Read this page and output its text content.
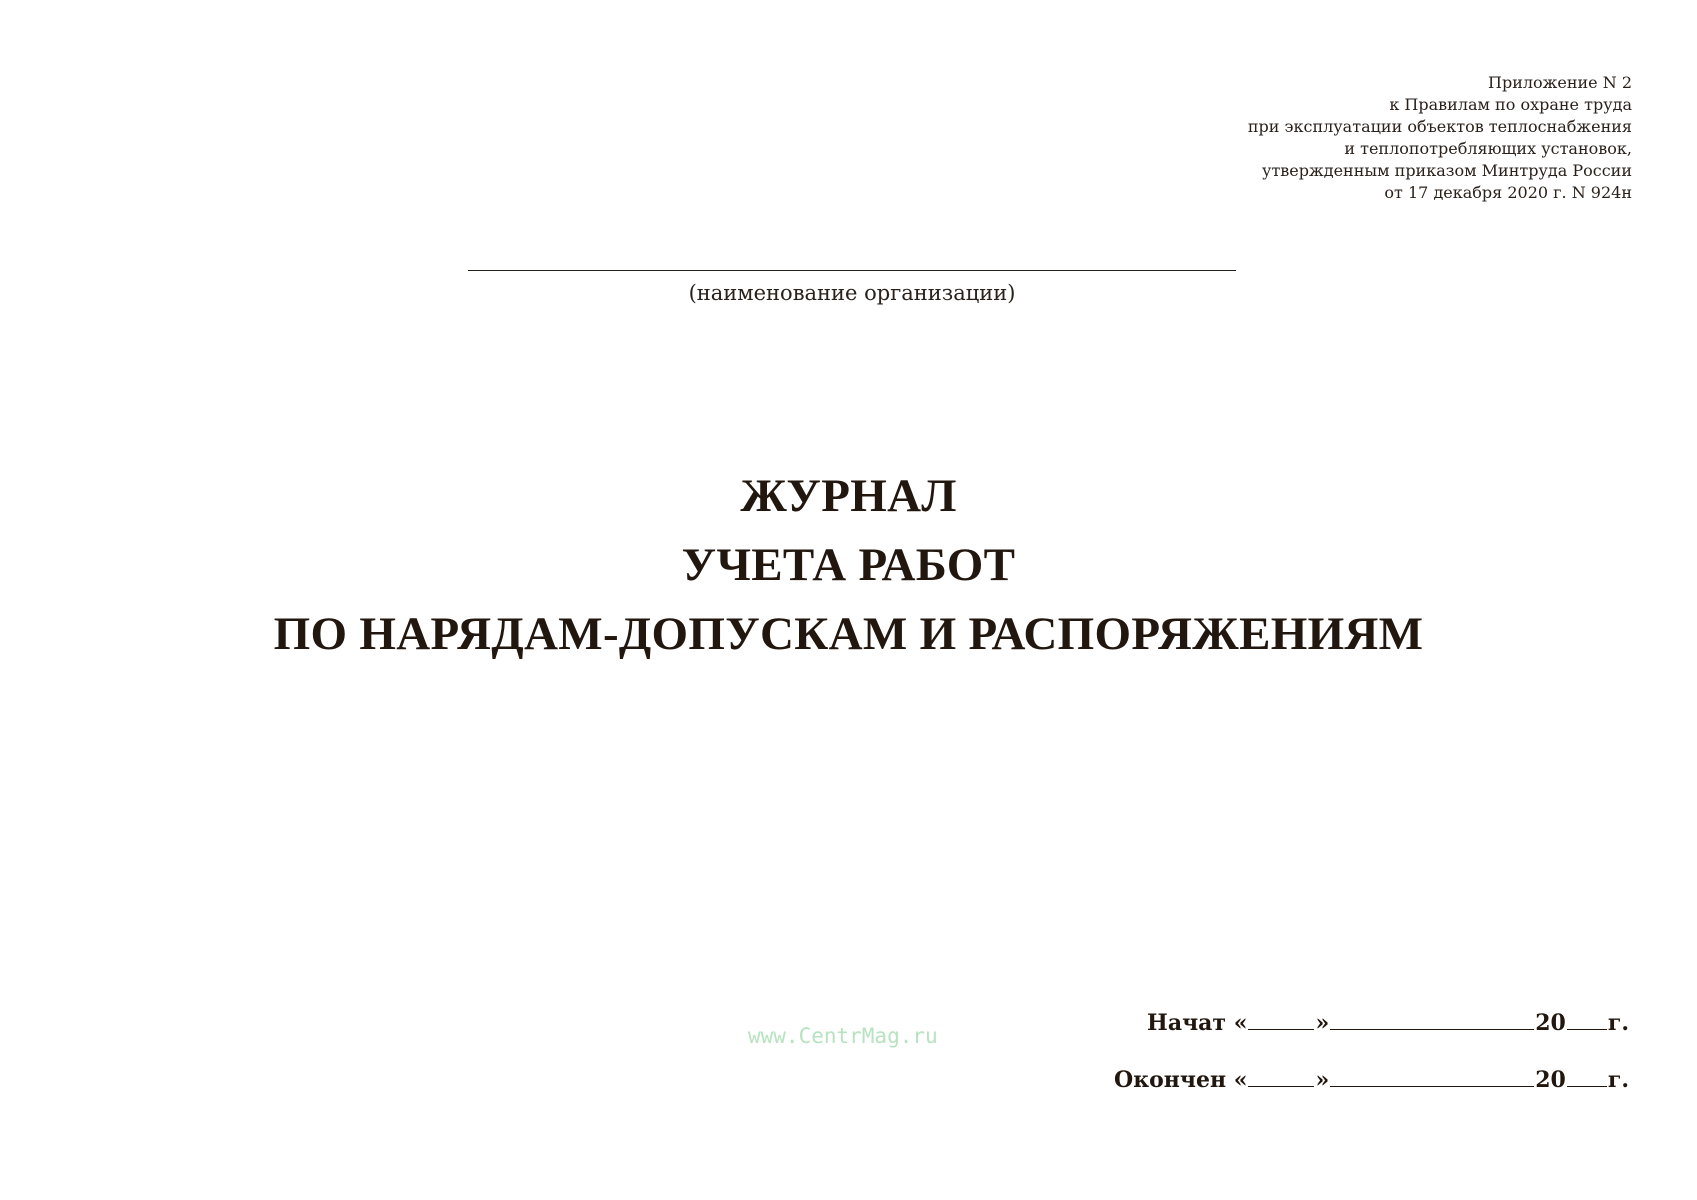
Приложение N 2
к Правилам по охране труда
при эксплуатации объектов теплоснабжения
и теплопотребляющих установок,
утвержденным приказом Минтруда России
от 17 декабря 2020 г. N 924н
(наименование организации)
ЖУРНАЛ
УЧЕТА РАБОТ
ПО НАРЯДАМ-ДОПУСКАМ И РАСПОРЯЖЕНИЯМ
www.CentrMag.ru	Начат «	»	20 г.
Окончен «	»	20 г.
